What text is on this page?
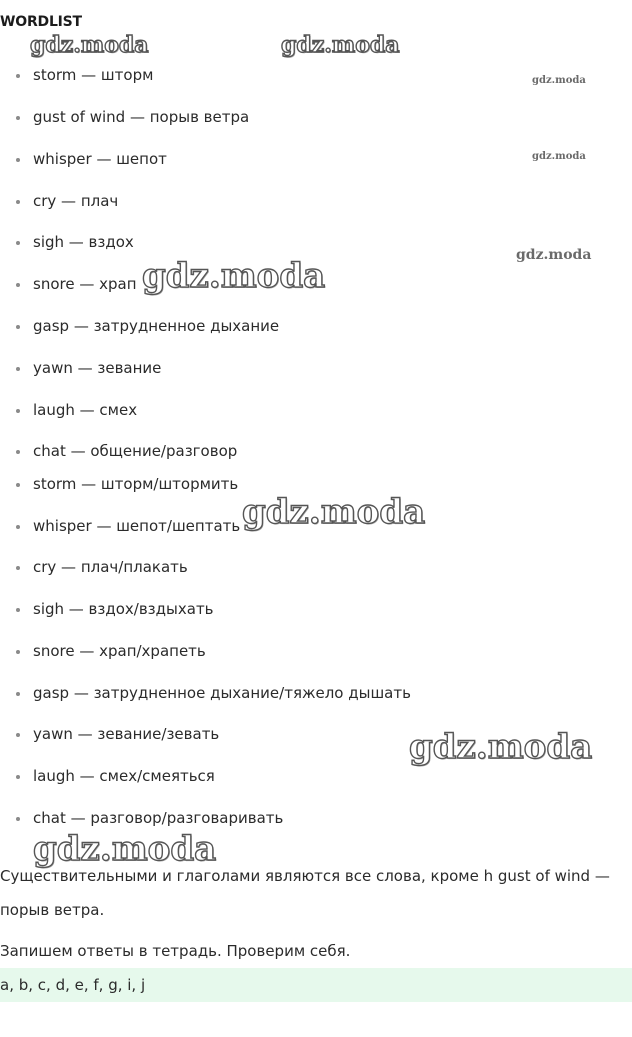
WORDLIST
storm — шторм
gust of wind — порыв ветра
whisper — шепот
cry — плач
sigh — вздох
snore — храп
gasp — затрудненное дыхание
yawn — зевание
laugh — смех
chat — общение/разговор
storm — шторм/штормить
whisper — шепот/шептать
cry — плач/плакать
sigh — вздох/вздыхать
snore — храп/храпеть
gasp — затрудненное дыхание/тяжело дышать
yawn — зевание/зевать
laugh — смех/смеяться
chat — разговор/разговаривать

Существительными и глаголами являются все слова, кроме h gust of wind —

порыв ветра.

Запишем ответы в тетрадь. Проверим себя.

a, b, c, d, e, f, g, i, j
gdz.moda	gdz.moda
gdz.moda
gdz.moda
gdz.moda
gdz.moda
gdz.moda
gdz.moda
gdz.moda
